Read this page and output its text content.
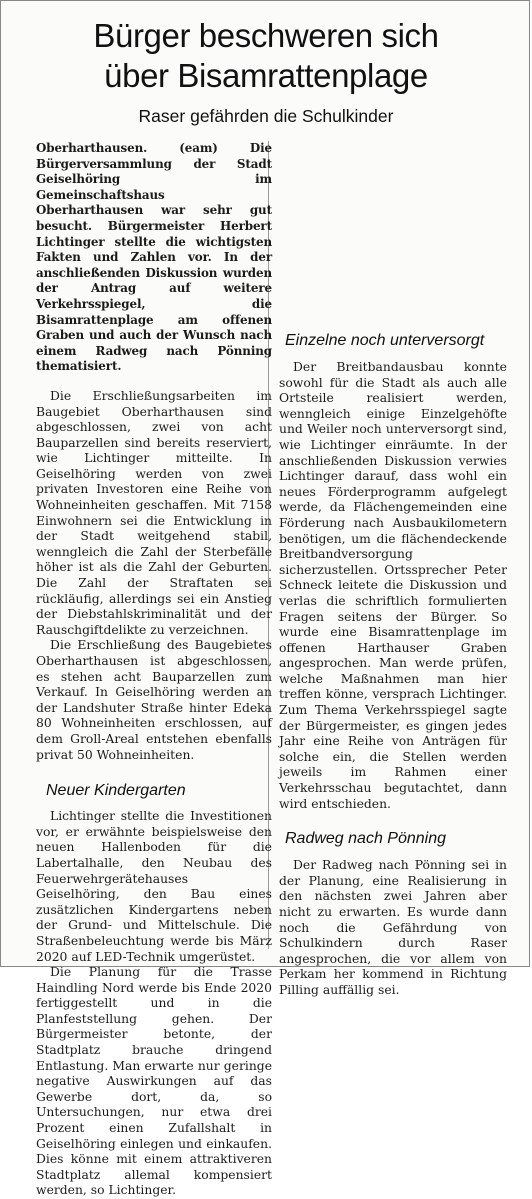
Bürger beschweren sich
über Bisamrattenplage
Raser gefährden die Schulkinder

Oberharthausen. (eam) Die Bürgerversammlung der Stadt Geiselhöring im Gemeinschaftshaus Oberharthausen war sehr gut besucht. Bürgermeister Herbert Lichtinger stellte die wichtigsten Fakten und Zahlen vor. In der anschließenden Diskussion wurden der Antrag auf weitere Verkehrsspiegel, die Bisamrattenplage am offenen Graben und auch der Wunsch nach einem Radweg nach Pönning thematisiert.

Die Erschließungsarbeiten im Baugebiet Oberharthausen sind abgeschlossen, zwei von acht Bauparzellen sind bereits reserviert, wie Lichtinger mitteilte. In Geiselhöring werden von zwei privaten Investoren eine Reihe von Wohneinheiten geschaffen. Mit 7158 Einwohnern sei die Entwicklung in der Stadt weitgehend stabil, wenngleich die Zahl der Sterbefälle höher ist als die Zahl der Geburten. Die Zahl der Straftaten sei rückläufig, allerdings sei ein Anstieg der Diebstahlskriminalität und der Rauschgiftdelikte zu verzeichnen.

Die Erschließung des Baugebietes Oberharthausen ist abgeschlossen, es stehen acht Bauparzellen zum Verkauf. In Geiselhöring werden an der Landshuter Straße hinter Edeka 80 Wohneinheiten erschlossen, auf dem Groll-Areal entstehen ebenfalls privat 50 Wohneinheiten.

Neuer Kindergarten

Lichtinger stellte die Investitionen vor, er erwähnte beispielsweise den neuen Hallenboden für die Labertalhalle, den Neubau des Feuerwehrgerätehauses Geiselhöring, den Bau eines zusätzlichen Kindergartens neben der Grund- und Mittelschule. Die Straßenbeleuchtung werde bis März 2020 auf LED-Technik umgerüstet.

Die Planung für die Trasse Haindling Nord werde bis Ende 2020 fertiggestellt und in die Planfeststellung gehen. Der Bürgermeister betonte, der Stadtplatz brauche dringend Entlastung. Man erwarte nur geringe negative Auswirkungen auf das Gewerbe dort, da, so Untersuchungen, nur etwa drei Prozent einen Zufallshalt in Geiselhöring einlegen und einkaufen. Dies könne mit einem attraktiveren Stadtplatz allemal kompensiert werden, so Lichtinger.

Einzelne noch unterversorgt

Der Breitbandausbau konnte sowohl für die Stadt als auch alle Ortsteile realisiert werden, wenngleich einige Einzelgehöfte und Weiler noch unterversorgt sind, wie Lichtinger einräumte. In der anschließenden Diskussion verwies Lichtinger darauf, dass wohl ein neues Förderprogramm aufgelegt werde, da Flächengemeinden eine Förderung nach Ausbaukilometern benötigen, um die flächendeckende Breitbandversorgung sicherzustellen. Ortssprecher Peter Schneck leitete die Diskussion und verlas die schriftlich formulierten Fragen seitens der Bürger. So wurde eine Bisamrattenplage im offenen Harthauser Graben angesprochen. Man werde prüfen, welche Maßnahmen man hier treffen könne, versprach Lichtinger. Zum Thema Verkehrsspiegel sagte der Bürgermeister, es gingen jedes Jahr eine Reihe von Anträgen für solche ein, die Stellen werden jeweils im Rahmen einer Verkehrsschau begutachtet, dann wird entschieden.

Radweg nach Pönning

Der Radweg nach Pönning sei in der Planung, eine Realisierung in den nächsten zwei Jahren aber nicht zu erwarten. Es wurde dann noch die Gefährdung von Schulkindern durch Raser angesprochen, die vor allem von Perkam her kommend in Richtung Pilling auffällig sei.
